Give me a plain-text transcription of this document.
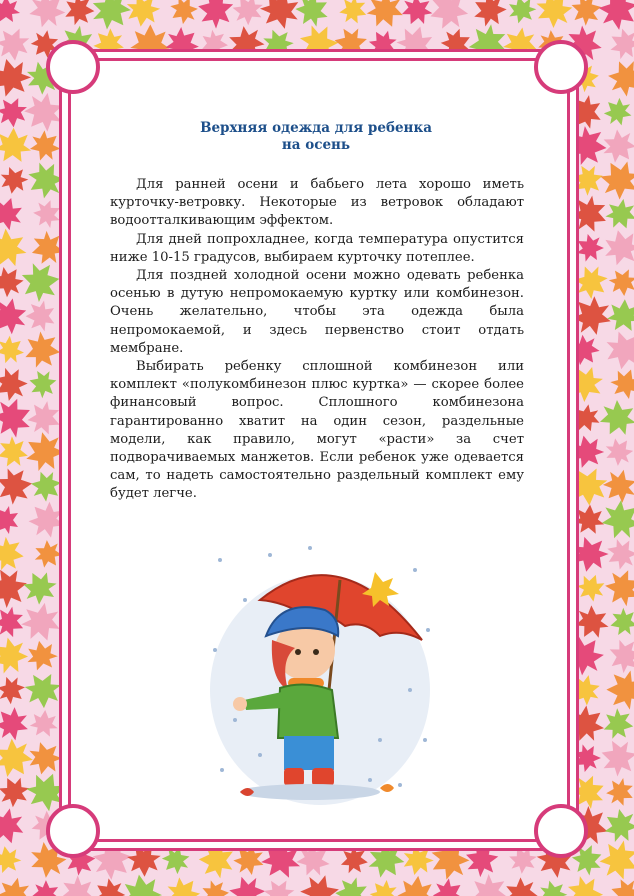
Верхняя одежда для ребенка
на осень

Для ранней осени и бабьего лета хорошо иметь курточку-ветровку. Некоторые из ветровок обладают водоотталкивающим эффектом.

Для дней попрохладнее, когда температура опустится ниже 10-15 градусов, выбираем курточку потеплее.

Для поздней холодной осени можно одевать ребенка осенью в дутую непромокаемую куртку или комбинезон. Очень желательно, чтобы эта одежда была непромокаемой, и здесь первенство стоит отдать мембране.

Выбирать ребенку сплошной комбинезон или комплект «полукомбинезон плюс куртка» — скорее более финансовый вопрос. Сплошного комбинезона гарантированно хватит на один сезон, раздельные модели, как правило, могут «расти» за счет подворачиваемых манжетов. Если ребенок уже одевается сам, то надеть самостоятельно раздельный комплект ему будет легче.
